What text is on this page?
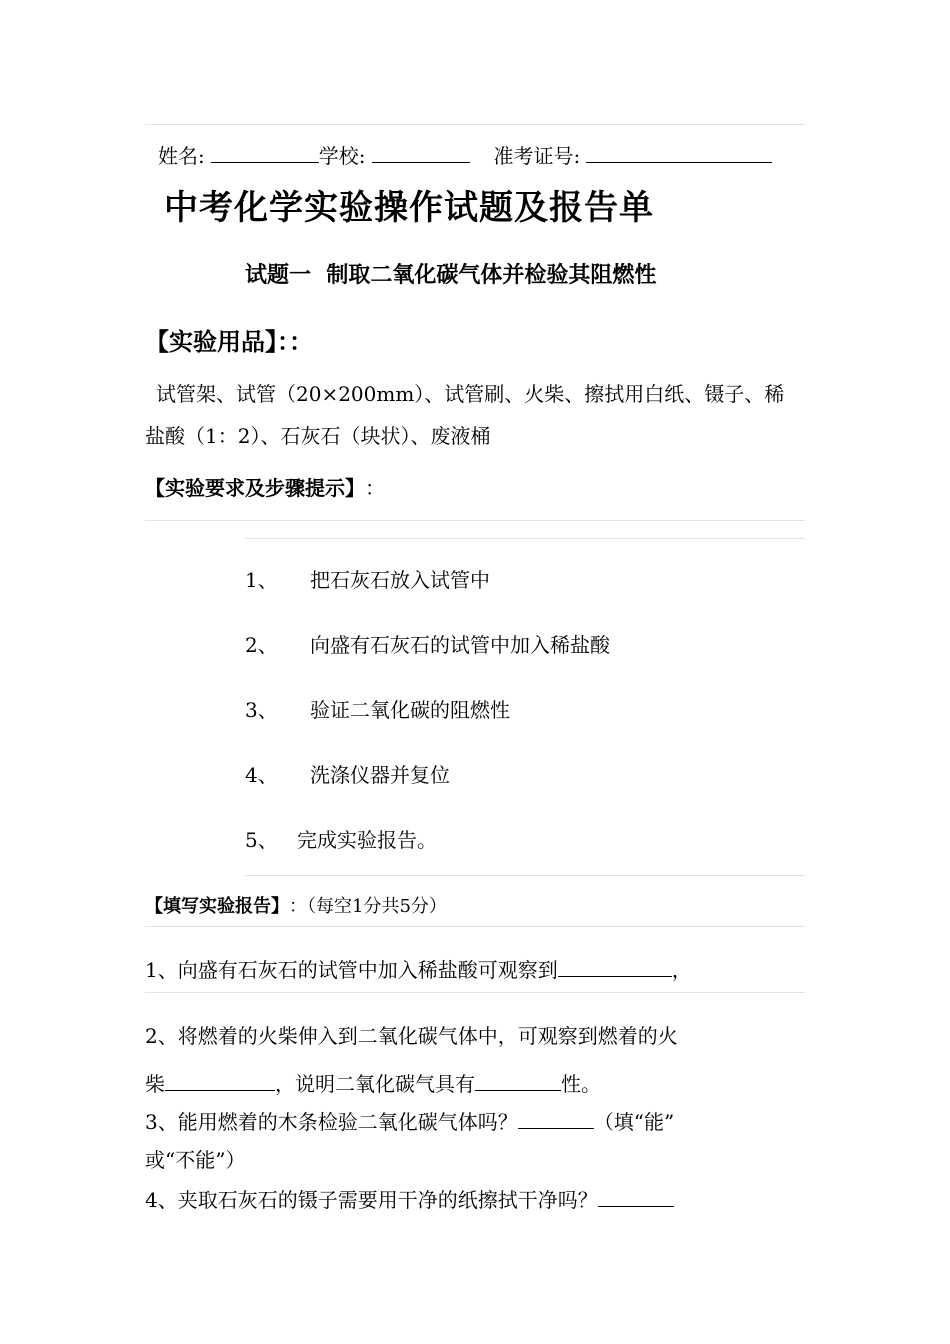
姓名:	学校:	准考证号:
中考化学实验操作试题及报告单
试题一  制取二氧化碳气体并检验其阻燃性
【实验用品】：：
试管架、试管（20×200mm）、试管刷、火柴、擦拭用白纸、镊子、稀
盐酸（1：2）、石灰石（块状）、废液桶
【实验要求及步骤提示】 ：
1、	把石灰石放入试管中
2、	向盛有石灰石的试管中加入稀盐酸
3、	验证二氧化碳的阻燃性
4、	洗涤仪器并复位
5、 完成实验报告。
【填写实验报告】 ：（每空1分共5分）
1、向盛有石灰石的试管中加入稀盐酸可观察到	，
2、将燃着的火柴伸入到二氧化碳气体中，可观察到燃着的火
柴	，说明二氧化碳气具有	性。
3、能用燃着的木条检验二氧化碳气体吗？	（填“能”
或“不能”）
4、夹取石灰石的镊子需要用干净的纸擦拭干净吗？
